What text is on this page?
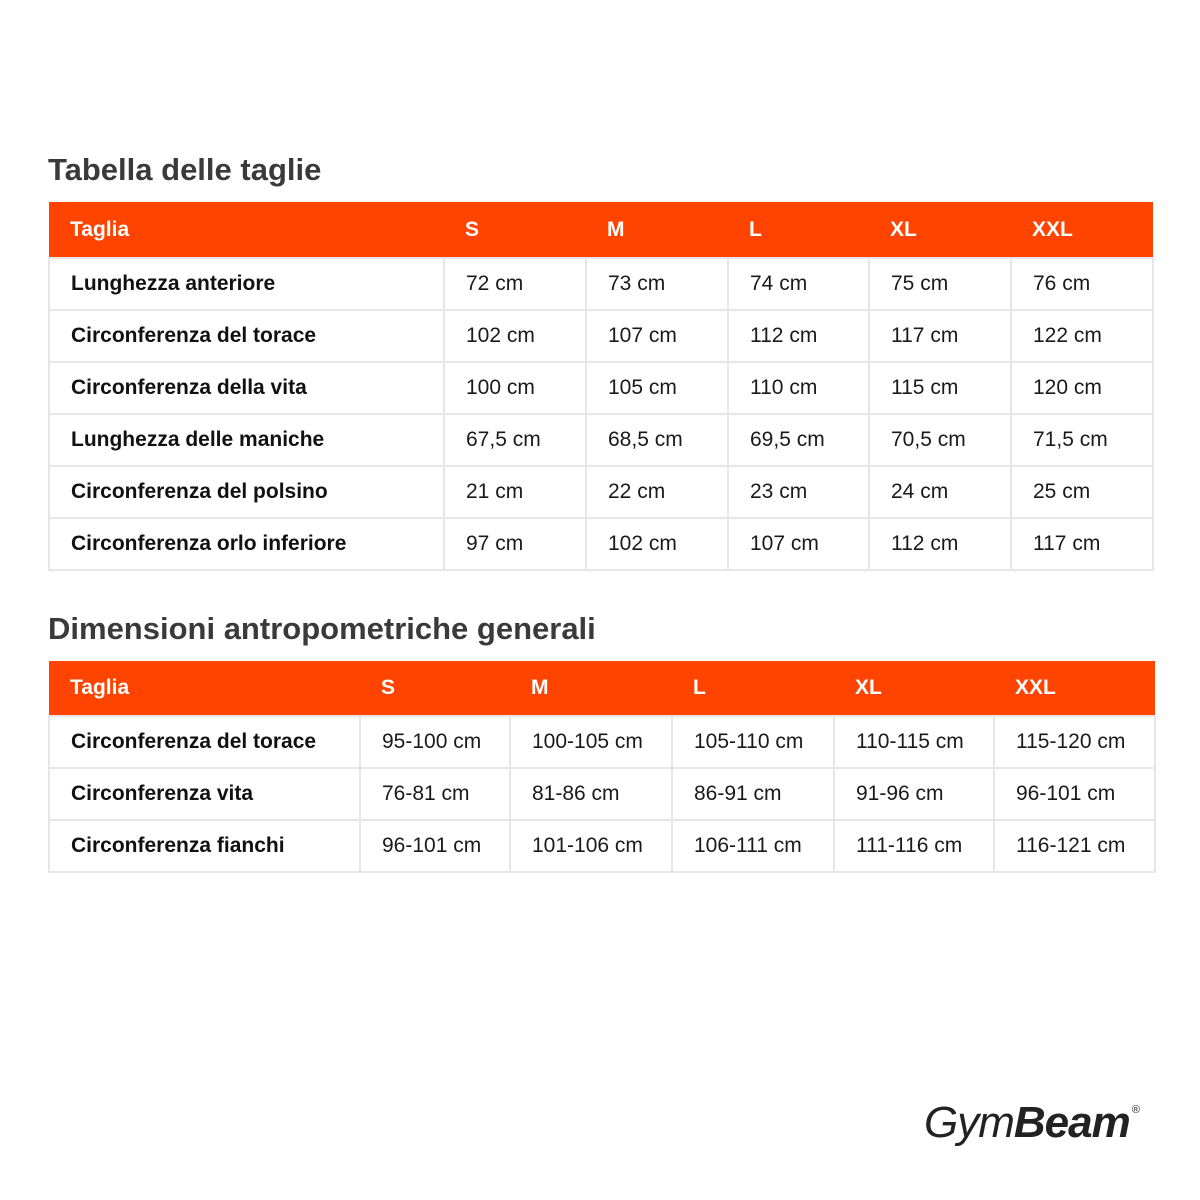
Tabella delle taglie
Taglia	S	M	L	XL	XXL
Lunghezza anteriore	72 cm	73 cm	74 cm	75 cm	76 cm
Circonferenza del torace	102 cm	107 cm	112 cm	117 cm	122 cm
Circonferenza della vita	100 cm	105 cm	110 cm	115 cm	120 cm
Lunghezza delle maniche	67,5 cm	68,5 cm	69,5 cm	70,5 cm	71,5 cm
Circonferenza del polsino	21 cm	22 cm	23 cm	24 cm	25 cm
Circonferenza orlo inferiore	97 cm	102 cm	107 cm	112 cm	117 cm
Dimensioni antropometriche generali
Taglia	S	M	L	XL	XXL
Circonferenza del torace	95-100 cm	100-105 cm	105-110 cm	110-115 cm	115-120 cm
Circonferenza vita	76-81 cm	81-86 cm	86-91 cm	91-96 cm	96-101 cm
Circonferenza fianchi	96-101 cm	101-106 cm	106-111 cm	111-116 cm	116-121 cm
GymBeam ®
